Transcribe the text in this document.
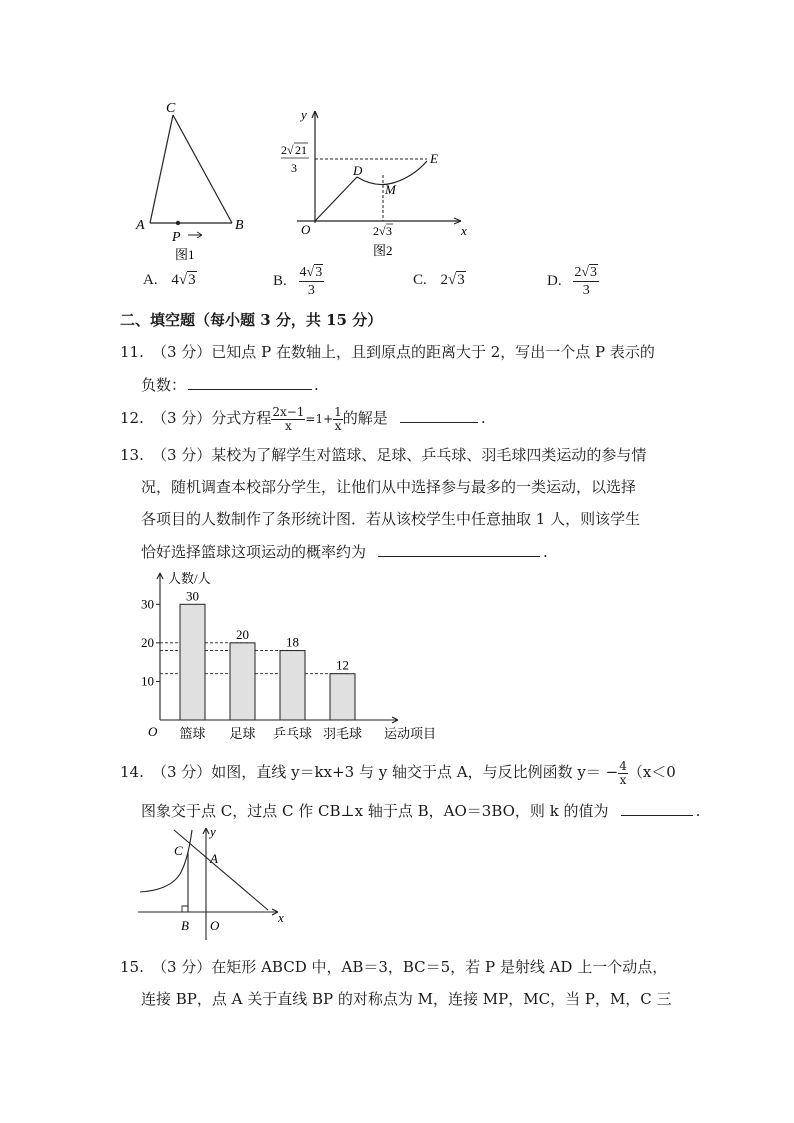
C
A	B
P
图1
y
x
O
D
E
M
2 √ 21
3
2 √ 3
图2
A. 4√3	B. $\frac{4√3}{3}$	C. 2√3	D. $\frac{2√3}{3}$
二、填空题（每小题 3 分，共 15 分）
11. （3 分）已知点 P 在数轴上，且到原点的距离大于 2，写出一个点 P 表示的
负数：	.
12. （3 分）分式方程 $\frac{2x-1}{x} =1+ \frac{1}{x}$ 的解是	.
13. （3 分）某校为了解学生对篮球、足球、乒乓球、羽毛球四类运动的参与情
况，随机调查本校部分学生，让他们从中选择参与最多的一类运动，以选择
各项目的人数制作了条形统计图．若从该校学生中任意抽取 1 人，则该学生
恰好选择篮球这项运动的概率约为	.
30
篮球
20
足球
18
乒乓球
12
羽毛球
10
20
30
人数/人
运动项目
O
14. （3 分）如图，直线 y＝kx+3 与 y 轴交于点 A，与反比例函数 $y= - \frac{4}{x} (x<0$
图象交于点 C，过点 C 作 CB⊥x 轴于点 B，AO＝3BO，则 k 的值为	.
C
A
B O
x
y
15. （3 分）在矩形 ABCD 中，AB＝3，BC＝5，若 P 是射线 AD 上一个动点，
连接 BP，点 A 关于直线 BP 的对称点为 M，连接 MP，MC，当 P，M，C 三
